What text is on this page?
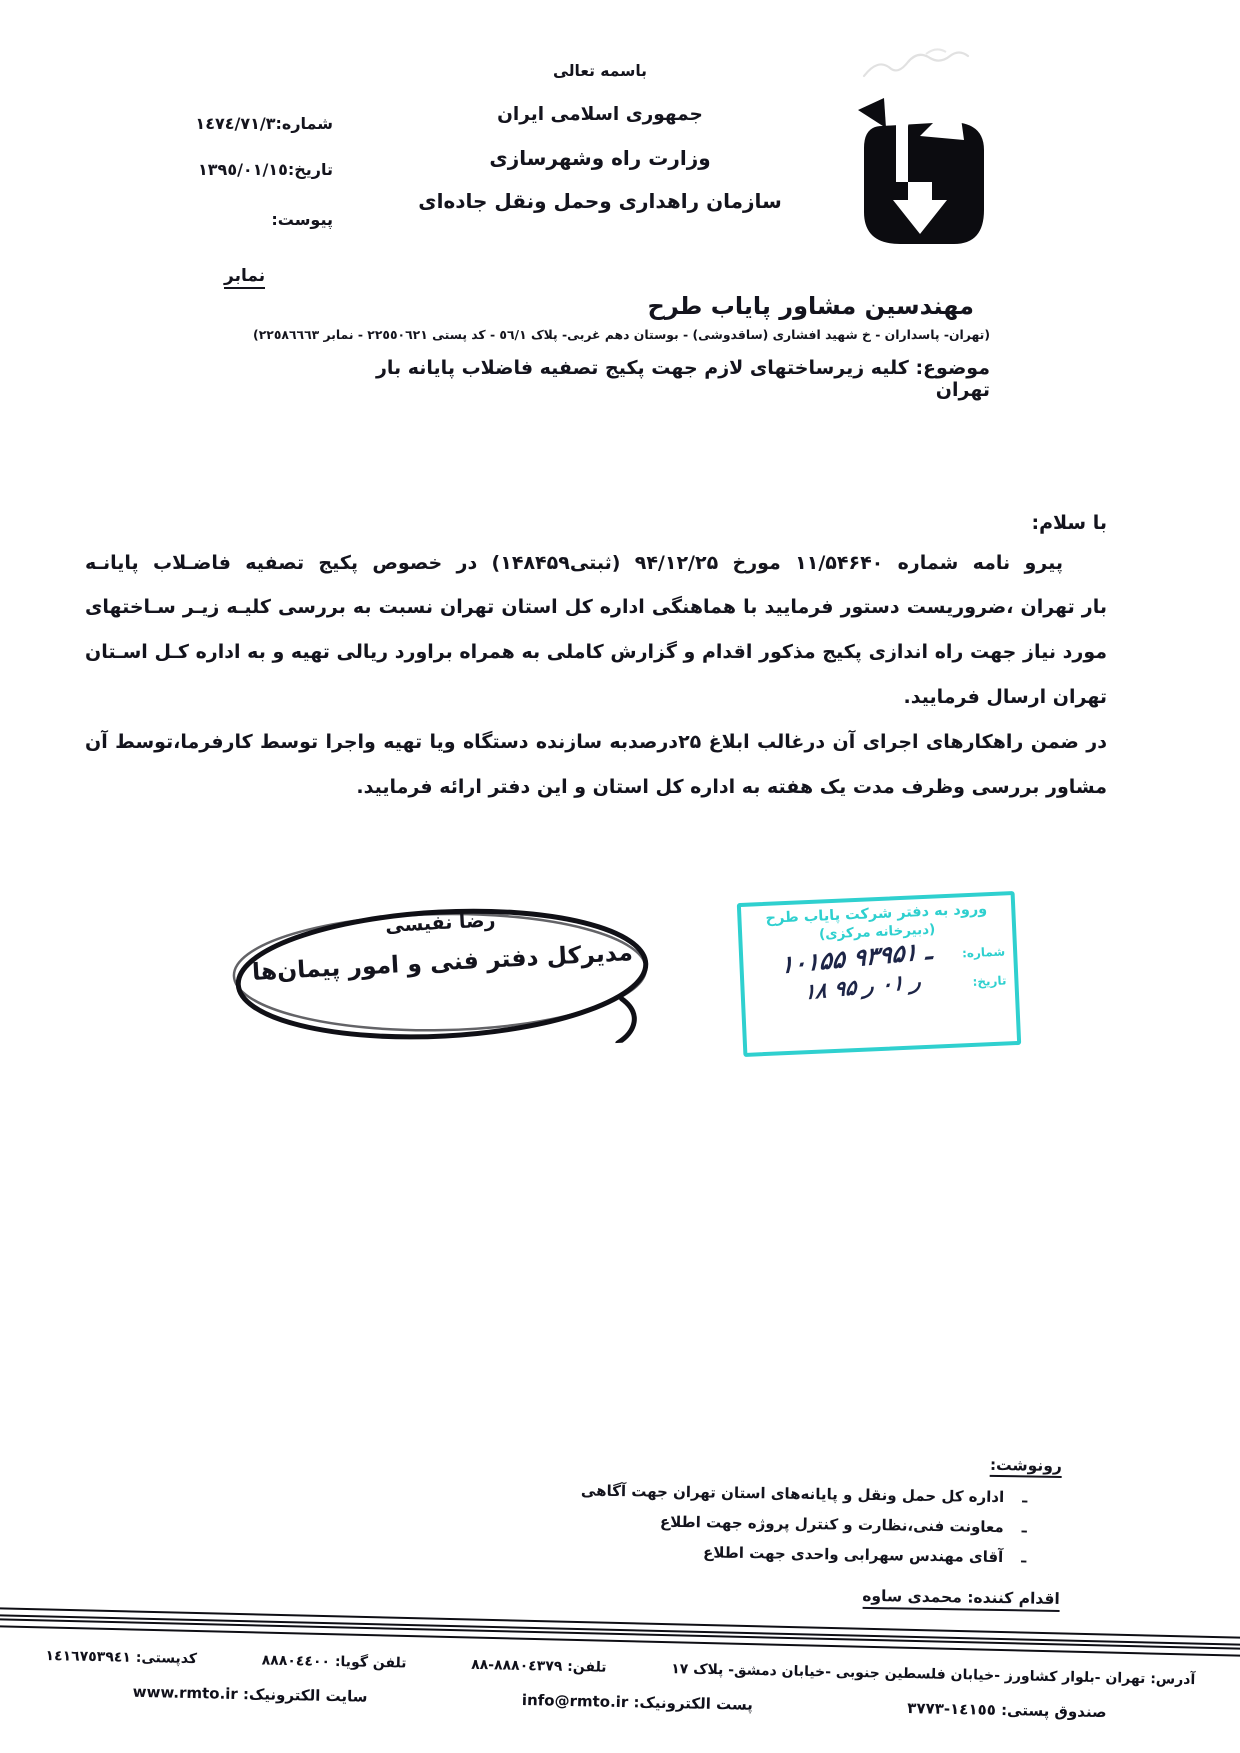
شماره:١٤٧٤/٧١/٣
تاریخ:١٣٩٥/٠١/١٥
پیوست:
نمابر
باسمه تعالی
جمهوری اسلامی ایران
وزارت راه وشهرسازی
سازمان راهداری وحمل ونقل جاده‌ای
مهندسین مشاور پایاب طرح
(تهران- پاسداران - خ شهید افشاری (ساقدوشی) - بوستان دهم غربی- پلاک ٥٦/١ - کد پستی ٢٢٥٥٠٦٢١ - نمابر ٢٢٥٨٦٦٦٣)
موضوع: کلیه زیرساختهای لازم جهت پکیج تصفیه فاضلاب پایانه بار تهران
با سلام:
پیرو نامه شماره ۱۱/۵۴۶۴۰ مورخ ۹۴/۱۲/۲۵ (ثبتی۱۴۸۴۵۹) در خصوص پکیج تصفیه فاضـلاب پایانـه
بار تهران ،ضروریست دستور فرمایید با هماهنگی اداره کل استان تهران نسبت به بررسی کلیـه زیـر سـاختهای
مورد نیاز جهت راه اندازی پکیج مذکور اقدام و گزارش کاملی به همراه براورد ریالی تهیه و به اداره کـل اسـتان
تهران ارسال فرمایید.
در ضمن راهکارهای اجرای آن درغالب ابلاغ ۲۵درصدبه سازنده دستگاه ویا تهیه واجرا توسط کارفرما،توسط آن
مشاور بررسی وظرف مدت یک هفته به اداره کل استان و این دفتر ارائه فرمایید.
رضا نفیسی
مدیرکل دفتر فنی و امور پیمان‌ها
ورود به دفتر شرکت پایاب طرح
(دبیرخانه مرکزی)
شماره:
۱۰۱۵۵ ـ ۹۳۹۵۱
تاریخ:
۱۸ ر ۰۱ ر ۹۵
رونوشت:
ـ
اداره کل حمل ونقل و پایانه‌های استان تهران جهت آگاهی
ـ
معاونت فنی،نظارت و کنترل پروژه جهت اطلاع
ـ
آقای مهندس سهرابی واحدی جهت اطلاع
اقدام کننده: محمدی ساوه
آدرس: تهران -بلوار کشاورز -خیابان فلسطین جنوبی -خیابان دمشق- پلاک ۱۷
تلفن: ٨٨٨٠٤٣٧٩-٨٨
تلفن گویا: ٨٨٨٠٤٤٠٠
کدپستی: ١٤١٦٧٥٣٩٤١
صندوق پستی: ١٤١٥٥-٣٧٧٣
پست الکترونیک: info@rmto.ir
سایت الکترونیک: www.rmto.ir
